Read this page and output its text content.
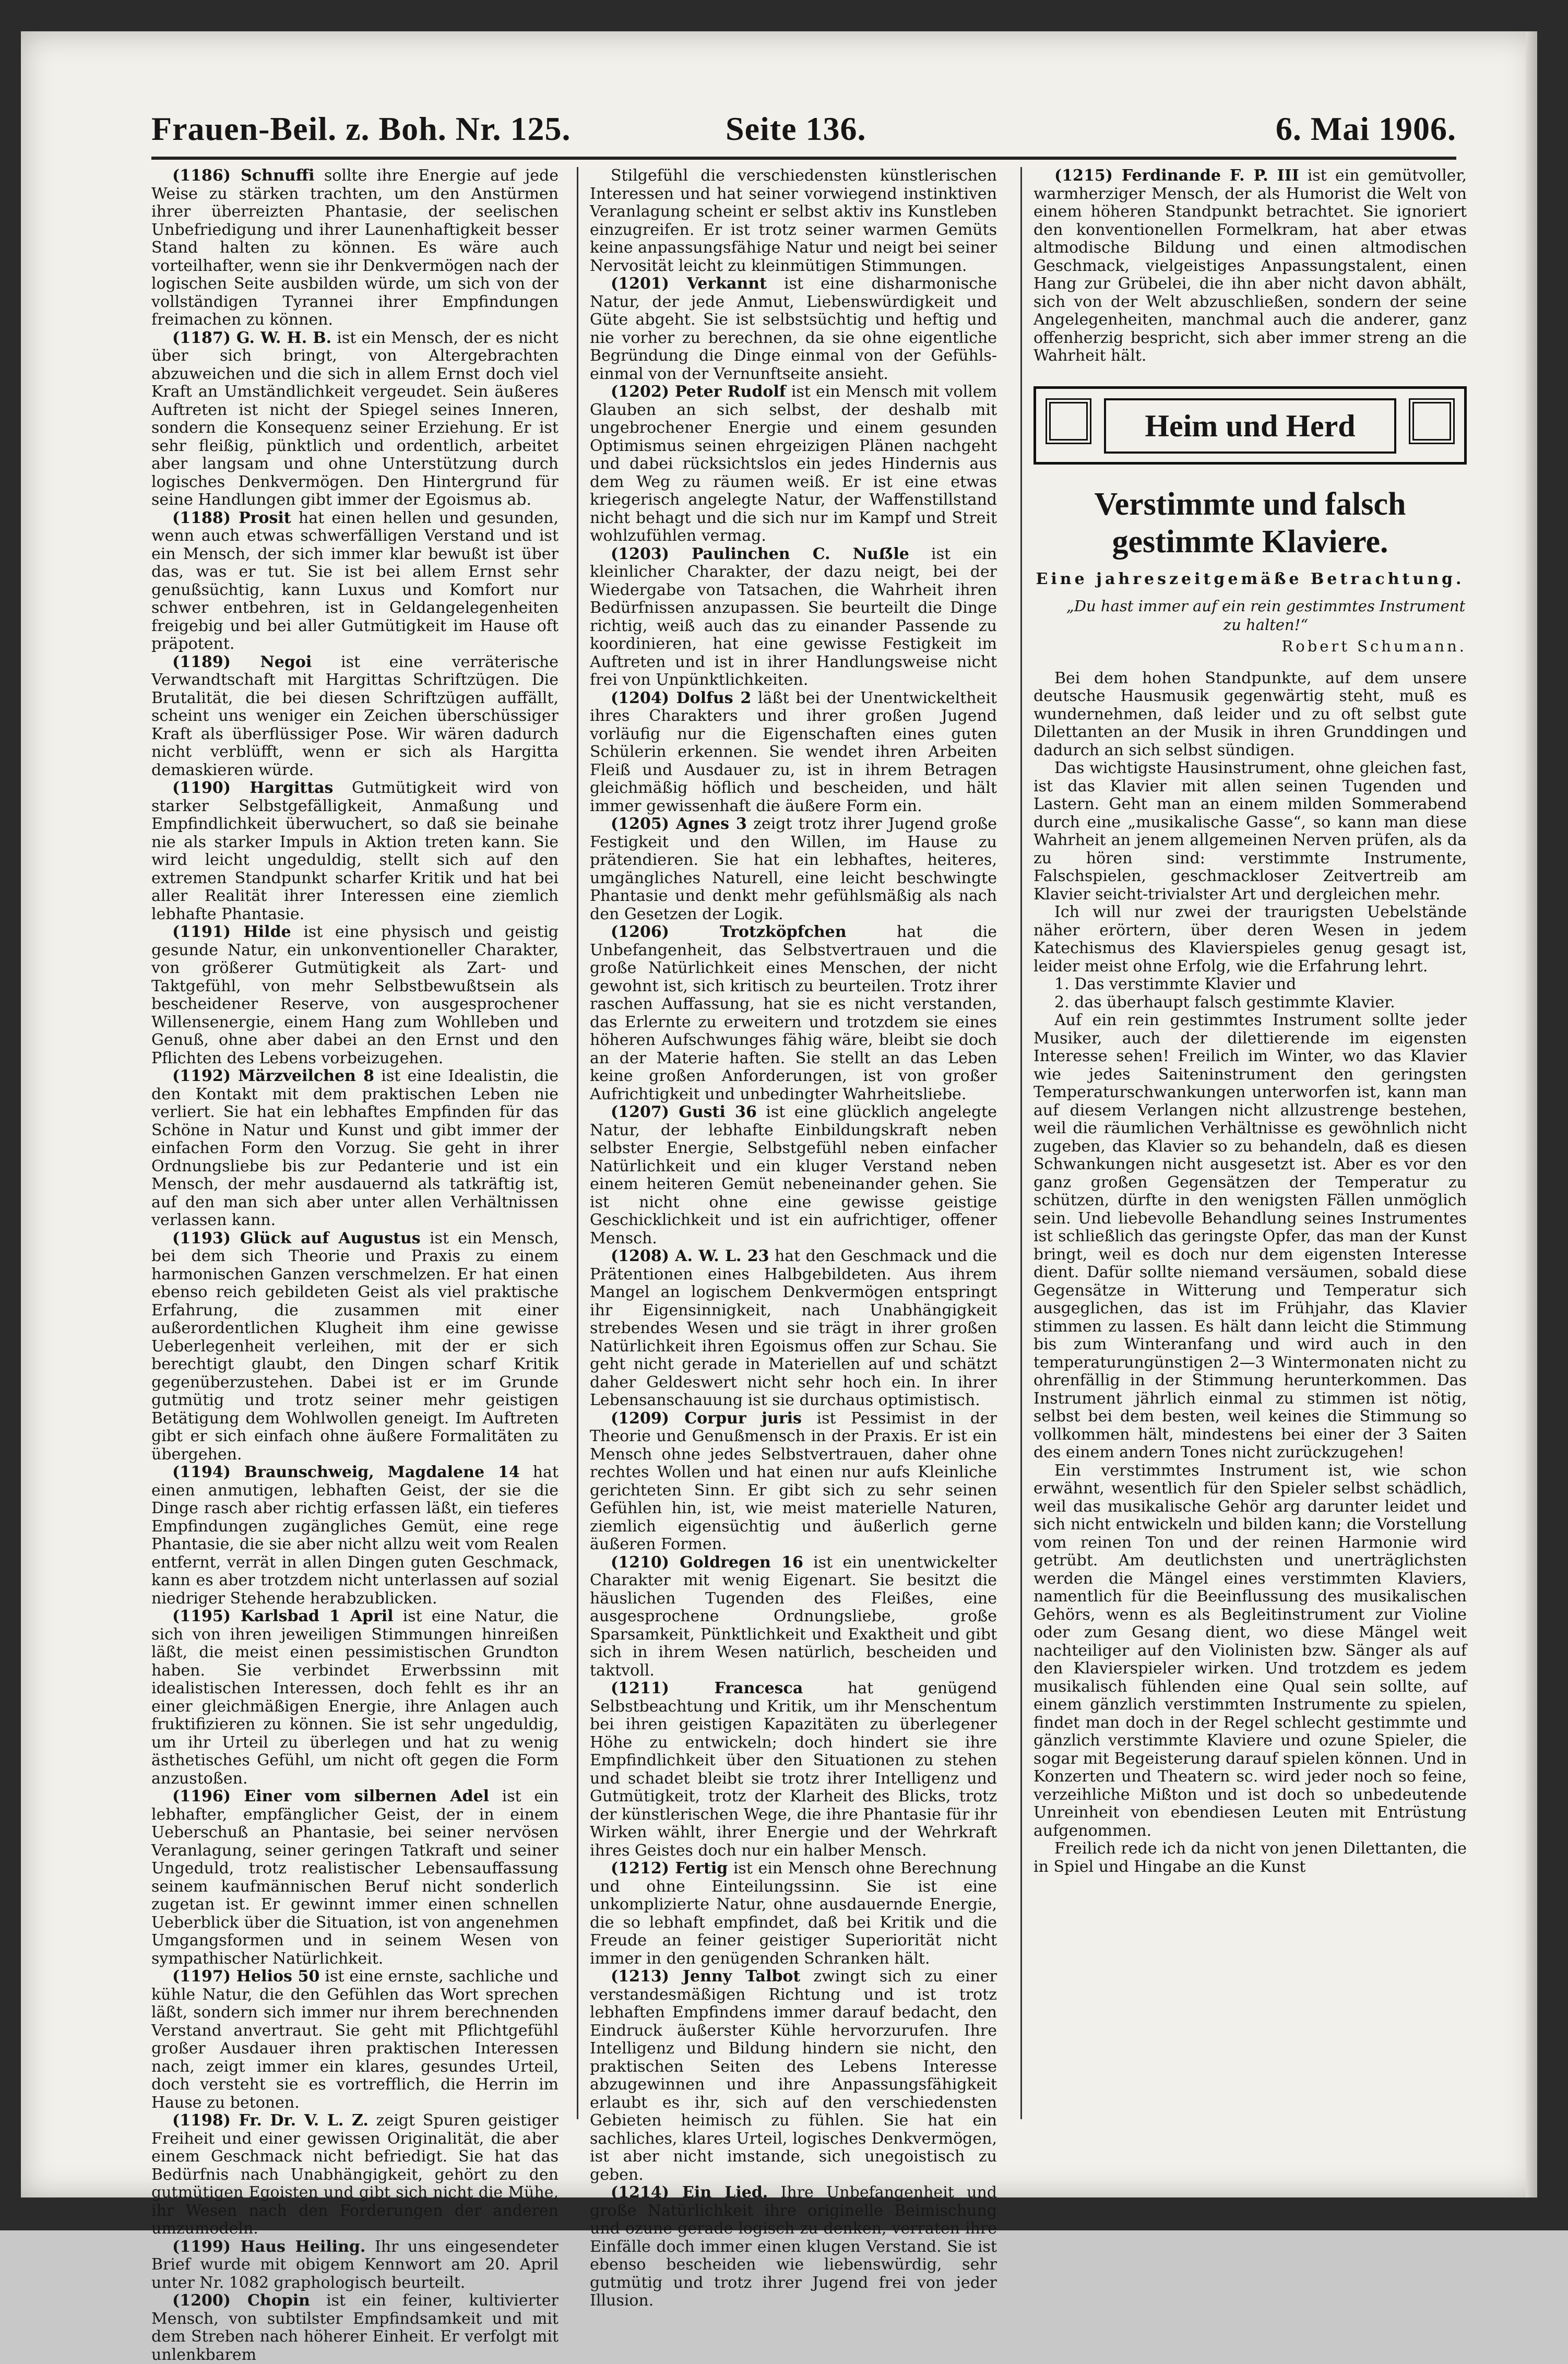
Frauen-Beil. z. Boh. Nr. 125.	Seite 136.	6. Mai 1906.

(1186) Schnuffi sollte ihre Energie auf jede Weise zu stärken trachten, um den Anstürmen ihrer überreizten Phantasie, der seelischen Unbefriedigung und ihrer Launenhaftigkeit besser Stand halten zu können. Es wäre auch vorteilhafter, wenn sie ihr Denkvermögen nach der logischen Seite ausbilden würde, um sich von der vollständigen Tyrannei ihrer Empfindungen freimachen zu können.

(1187) G. W. H. B. ist ein Mensch, der es nicht über sich bringt, von Altergebrachten abzuweichen und die sich in allem Ernst doch viel Kraft an Umständlichkeit vergeudet. Sein äußeres Auftreten ist nicht der Spiegel seines Inneren, sondern die Konsequenz seiner Erziehung. Er ist sehr fleißig, pünktlich und ordentlich, arbeitet aber langsam und ohne Unterstützung durch logisches Denkvermögen. Den Hintergrund für seine Handlungen gibt immer der Egoismus ab.

(1188) Prosit hat einen hellen und gesunden, wenn auch etwas schwerfälligen Verstand und ist ein Mensch, der sich immer klar bewußt ist über das, was er tut. Sie ist bei allem Ernst sehr genußsüchtig, kann Luxus und Komfort nur schwer entbehren, ist in Geldangelegenheiten freigebig und bei aller Gutmütigkeit im Hause oft präpotent.

(1189) Negoi ist eine verräterische Verwandtschaft mit Hargittas Schriftzügen. Die Brutalität, die bei diesen Schriftzügen auffällt, scheint uns weniger ein Zeichen überschüssiger Kraft als überflüssiger Pose. Wir wären dadurch nicht verblüfft, wenn er sich als Hargitta demaskieren würde.

(1190) Hargittas Gutmütigkeit wird von starker Selbstgefälligkeit, Anmaßung und Empfindlichkeit überwuchert, so daß sie beinahe nie als starker Impuls in Aktion treten kann. Sie wird leicht ungeduldig, stellt sich auf den extremen Standpunkt scharfer Kritik und hat bei aller Realität ihrer Interessen eine ziemlich lebhafte Phantasie.

(1191) Hilde ist eine physisch und geistig gesunde Natur, ein unkonventioneller Charakter, von größerer Gutmütigkeit als Zart- und Taktgefühl, von mehr Selbstbewußtsein als bescheidener Reserve, von ausgesprochener Willensenergie, einem Hang zum Wohlleben und Genuß, ohne aber dabei an den Ernst und den Pflichten des Lebens vorbeizugehen.

(1192) Märzveilchen 8 ist eine Idealistin, die den Kontakt mit dem praktischen Leben nie verliert. Sie hat ein lebhaftes Empfinden für das Schöne in Natur und Kunst und gibt immer der einfachen Form den Vorzug. Sie geht in ihrer Ordnungsliebe bis zur Pedanterie und ist ein Mensch, der mehr ausdauernd als tatkräftig ist, auf den man sich aber unter allen Verhältnissen verlassen kann.

(1193) Glück auf Augustus ist ein Mensch, bei dem sich Theorie und Praxis zu einem harmonischen Ganzen verschmelzen. Er hat einen ebenso reich gebildeten Geist als viel praktische Erfahrung, die zusammen mit einer außerordentlichen Klugheit ihm eine gewisse Ueberlegenheit verleihen, mit der er sich berechtigt glaubt, den Dingen scharf Kritik gegenüberzustehen. Dabei ist er im Grunde gutmütig und trotz seiner mehr geistigen Betätigung dem Wohlwollen geneigt. Im Auftreten gibt er sich einfach ohne äußere Formalitäten zu übergehen.

(1194) Braunschweig, Magdalene 14 hat einen anmutigen, lebhaften Geist, der sie die Dinge rasch aber richtig erfassen läßt, ein tieferes Empfindungen zugängliches Gemüt, eine rege Phantasie, die sie aber nicht allzu weit vom Realen entfernt, verrät in allen Dingen guten Geschmack, kann es aber trotzdem nicht unterlassen auf sozial niedriger Stehende herabzublicken.

(1195) Karlsbad 1 April ist eine Natur, die sich von ihren jeweiligen Stimmungen hinreißen läßt, die meist einen pessimistischen Grundton haben. Sie verbindet Erwerbssinn mit idealistischen Interessen, doch fehlt es ihr an einer gleichmäßigen Energie, ihre Anlagen auch fruktifizieren zu können. Sie ist sehr ungeduldig, um ihr Urteil zu überlegen und hat zu wenig ästhetisches Gefühl, um nicht oft gegen die Form anzustoßen.

(1196) Einer vom silbernen Adel ist ein lebhafter, empfänglicher Geist, der in einem Ueberschuß an Phantasie, bei seiner nervösen Veranlagung, seiner geringen Tatkraft und seiner Ungeduld, trotz realistischer Lebensauffassung seinem kaufmännischen Beruf nicht sonderlich zugetan ist. Er gewinnt immer einen schnellen Ueberblick über die Situation, ist von angenehmen Umgangsformen und in seinem Wesen von sympathischer Natürlichkeit.

(1197) Helios 50 ist eine ernste, sachliche und kühle Natur, die den Gefühlen das Wort sprechen läßt, sondern sich immer nur ihrem berechnenden Verstand anvertraut. Sie geht mit Pflichtgefühl großer Ausdauer ihren praktischen Interessen nach, zeigt immer ein klares, gesundes Urteil, doch versteht sie es vortrefflich, die Herrin im Hause zu betonen.

(1198) Fr. Dr. V. L. Z. zeigt Spuren geistiger Freiheit und einer gewissen Originalität, die aber einem Geschmack nicht befriedigt. Sie hat das Bedürfnis nach Unabhängigkeit, gehört zu den gutmütigen Egoisten und gibt sich nicht die Mühe, ihr Wesen nach den Forderungen der anderen umzumodeln.

(1199) Haus Heiling. Ihr uns eingesendeter Brief wurde mit obigem Kennwort am 20. April unter Nr. 1082 graphologisch beurteilt.

(1200) Chopin ist ein feiner, kultivierter Mensch, von subtilster Empfindsamkeit und mit dem Streben nach höherer Einheit. Er verfolgt mit unlenkbarem

Stilgefühl die verschiedensten künstlerischen Interessen und hat seiner vorwiegend instinktiven Veranlagung scheint er selbst aktiv ins Kunstleben einzugreifen. Er ist trotz seiner warmen Gemüts keine anpassungsfähige Natur und neigt bei seiner Nervosität leicht zu kleinmütigen Stimmungen.

(1201) Verkannt ist eine disharmonische Natur, der jede Anmut, Liebenswürdigkeit und Güte abgeht. Sie ist selbstsüchtig und heftig und nie vorher zu berechnen, da sie ohne eigentliche Begründung die Dinge einmal von der Gefühls- einmal von der Vernunftseite ansieht.

(1202) Peter Rudolf ist ein Mensch mit vollem Glauben an sich selbst, der deshalb mit ungebrochener Energie und einem gesunden Optimismus seinen ehrgeizigen Plänen nachgeht und dabei rücksichtslos ein jedes Hindernis aus dem Weg zu räumen weiß. Er ist eine etwas kriegerisch angelegte Natur, der Waffenstillstand nicht behagt und die sich nur im Kampf und Streit wohlzufühlen vermag.

(1203) Paulinchen C. Nuẞle ist ein kleinlicher Charakter, der dazu neigt, bei der Wiedergabe von Tatsachen, die Wahrheit ihren Bedürfnissen anzupassen. Sie beurteilt die Dinge richtig, weiß auch das zu einander Passende zu koordinieren, hat eine gewisse Festigkeit im Auftreten und ist in ihrer Handlungsweise nicht frei von Unpünktlichkeiten.

(1204) Dolfus 2 läßt bei der Unentwickeltheit ihres Charakters und ihrer großen Jugend vorläufig nur die Eigenschaften eines guten Schülerin erkennen. Sie wendet ihren Arbeiten Fleiß und Ausdauer zu, ist in ihrem Betragen gleichmäßig höflich und bescheiden, und hält immer gewissenhaft die äußere Form ein.

(1205) Agnes 3 zeigt trotz ihrer Jugend große Festigkeit und den Willen, im Hause zu prätendieren. Sie hat ein lebhaftes, heiteres, umgängliches Naturell, eine leicht beschwingte Phantasie und denkt mehr gefühlsmäßig als nach den Gesetzen der Logik.

(1206) Trotzköpfchen	hat die Unbefangenheit, das Selbstvertrauen und die große Natürlichkeit eines Menschen, der nicht gewohnt ist, sich kritisch zu beurteilen. Trotz ihrer raschen Auffassung, hat sie es nicht verstanden, das Erlernte zu erweitern und trotzdem sie eines höheren Aufschwunges fähig wäre, bleibt sie doch an der Materie haften. Sie stellt an das Leben keine großen Anforderungen, ist von großer Aufrichtigkeit und unbedingter Wahrheitsliebe.

(1207) Gusti 36 ist eine glücklich angelegte Natur, der lebhafte Einbildungskraft neben selbster Energie, Selbstgefühl neben einfacher Natürlichkeit und ein kluger Verstand neben einem heiteren Gemüt nebeneinander gehen. Sie ist nicht ohne eine gewisse geistige Geschicklichkeit und ist ein aufrichtiger, offener Mensch.

(1208) A. W. L. 23 hat den Geschmack und die Prätentionen eines Halbgebildeten. Aus ihrem Mangel an logischem Denkvermögen entspringt ihr Eigensinnigkeit, nach Unabhängigkeit strebendes Wesen und sie trägt in ihrer großen Natürlichkeit ihren Egoismus offen zur Schau. Sie geht nicht gerade in Materiellen auf und schätzt daher Geldeswert nicht sehr hoch ein. In ihrer Lebensanschauung ist sie durchaus optimistisch.

(1209) Corpur juris ist Pessimist in der Theorie und Genußmensch in der Praxis. Er ist ein Mensch ohne jedes Selbstvertrauen, daher ohne rechtes Wollen und hat einen nur aufs Kleinliche gerichteten Sinn. Er gibt sich zu sehr seinen Gefühlen hin, ist, wie meist materielle Naturen, ziemlich eigensüchtig und äußerlich gerne äußeren Formen.

(1210) Goldregen 16 ist ein unentwickelter Charakter mit wenig Eigenart. Sie besitzt die häuslichen Tugenden des Fleißes, eine ausgesprochene Ordnungsliebe, große Sparsamkeit, Pünktlichkeit und Exaktheit und gibt sich in ihrem Wesen natürlich, bescheiden und taktvoll.

(1211) Francesca	hat genügend Selbstbeachtung und Kritik, um ihr Menschentum bei ihren geistigen Kapazitäten zu überlegener Höhe zu entwickeln; doch hindert sie ihre Empfindlichkeit über den Situationen zu stehen und schadet bleibt sie trotz ihrer Intelligenz und Gutmütigkeit, trotz der Klarheit des Blicks, trotz der künstlerischen Wege, die ihre Phantasie für ihr Wirken wählt, ihrer Energie und der Wehrkraft ihres Geistes doch nur ein halber Mensch.

(1212) Fertig ist ein Mensch ohne Berechnung und ohne Einteilungssinn. Sie ist eine unkomplizierte Natur, ohne ausdauernde Energie, die so lebhaft empfindet, daß bei Kritik und die Freude an feiner geistiger Superiorität nicht immer in den genügenden Schranken hält.

(1213) Jenny Talbot zwingt sich zu einer verstandesmäßigen Richtung und ist trotz lebhaften Empfindens immer darauf bedacht, den Eindruck äußerster Kühle hervorzurufen. Ihre Intelligenz und Bildung hindern sie nicht, den praktischen Seiten des Lebens Interesse abzugewinnen und ihre Anpassungsfähigkeit erlaubt es ihr, sich auf den verschiedensten Gebieten heimisch zu fühlen. Sie hat ein sachliches, klares Urteil, logisches Denkvermögen, ist aber nicht imstande, sich unegoistisch zu geben.

(1214) Ein Lied. Ihre Unbefangenheit und große Natürlichkeit ihre originelle Beimischung und ozune gerade logisch zu denken, verraten ihre Einfälle doch immer einen klugen Verstand. Sie ist ebenso bescheiden wie liebenswürdig, sehr gutmütig und trotz ihrer Jugend frei von jeder Illusion.

(1215) Ferdinande F. P. III ist ein gemütvoller, warmherziger Mensch, der als Humorist die Welt von einem höheren Standpunkt betrachtet. Sie ignoriert den konventionellen Formelkram, hat aber etwas altmodische Bildung und einen altmodischen Geschmack, vielgeistiges Anpassungstalent, einen Hang zur Grübelei, die ihn aber nicht davon abhält, sich von der Welt abzuschließen, sondern der seine Angelegenheiten, manchmal auch die anderer, ganz offenherzig bespricht, sich aber immer streng an die Wahrheit hält.

Heim und Herd
Verstimmte und falsch gestimmte Klaviere.
Eine jahreszeitgemäße Betrachtung.
„Du hast immer auf ein rein gestimmtes Instrument zu halten!“
Robert Schumann.

Bei dem hohen Standpunkte, auf dem unsere deutsche Hausmusik gegenwärtig steht, muß es wundernehmen, daß leider und zu oft selbst gute Dilettanten an der Musik in ihren Grunddingen und dadurch an sich selbst sündigen.

Das wichtigste Hausinstrument, ohne gleichen fast, ist das Klavier mit allen seinen Tugenden und Lastern. Geht man an einem milden Sommerabend durch eine „musikalische Gasse“, so kann man diese Wahrheit an jenem allgemeinen Nerven prüfen, als da zu hören sind: verstimmte Instrumente, Falschspielen, geschmackloser Zeitvertreib am Klavier seicht-trivialster Art und dergleichen mehr.

Ich will nur zwei der traurigsten Uebelstände näher erörtern, über deren Wesen in jedem Katechismus des Klavierspieles genug gesagt ist, leider meist ohne Erfolg, wie die Erfahrung lehrt.

1. Das verstimmte Klavier und

2. das überhaupt falsch gestimmte Klavier.

Auf ein rein gestimmtes Instrument sollte jeder Musiker, auch der dilettierende im eigensten Interesse sehen! Freilich im Winter, wo das Klavier wie jedes Saiteninstrument den geringsten Temperaturschwankungen unterworfen ist, kann man auf diesem Verlangen nicht allzustrenge bestehen, weil die räumlichen Verhältnisse es gewöhnlich nicht zugeben, das Klavier so zu behandeln, daß es diesen Schwankungen nicht ausgesetzt ist. Aber es vor den ganz großen Gegensätzen der Temperatur zu schützen, dürfte in den wenigsten Fällen unmöglich sein. Und liebevolle Behandlung seines Instrumentes ist schließlich das geringste Opfer, das man der Kunst bringt, weil es doch nur dem eigensten Interesse dient. Dafür sollte niemand versäumen, sobald diese Gegensätze in Witterung und Temperatur sich ausgeglichen, das ist im Frühjahr, das Klavier stimmen zu lassen. Es hält dann leicht die Stimmung bis zum Winteranfang und wird auch in den temperaturungünstigen 2—3 Wintermonaten nicht zu ohrenfällig in der Stimmung herunterkommen. Das Instrument jährlich einmal zu stimmen ist nötig, selbst bei dem besten, weil keines die Stimmung so vollkommen hält, mindestens bei einer der 3 Saiten des einem andern Tones nicht zurückzugehen!

Ein verstimmtes Instrument ist, wie schon erwähnt, wesentlich für den Spieler selbst schädlich, weil das musikalische Gehör arg darunter leidet und sich nicht entwickeln und bilden kann; die Vorstellung vom reinen Ton und der reinen Harmonie wird getrübt. Am deutlichsten und unerträglichsten werden die Mängel eines verstimmten Klaviers, namentlich für die Beeinflussung des musikalischen Gehörs, wenn es als Begleitinstrument zur Violine oder zum Gesang dient, wo diese Mängel weit nachteiliger auf den Violinisten bzw. Sänger als auf den Klavierspieler wirken. Und trotzdem es jedem musikalisch fühlenden eine Qual sein sollte, auf einem gänzlich verstimmten Instrumente zu spielen, findet man doch in der Regel schlecht gestimmte und gänzlich verstimmte Klaviere und ozune Spieler, die sogar mit Begeisterung darauf spielen können. Und in Konzerten und Theatern sc. wird jeder noch so feine, verzeihliche Mißton und ist doch so unbedeutende Unreinheit von ebendiesen Leuten mit Entrüstung aufgenommen.

Freilich rede ich da nicht von jenen Dilettanten, die in Spiel und Hingabe an die Kunst
